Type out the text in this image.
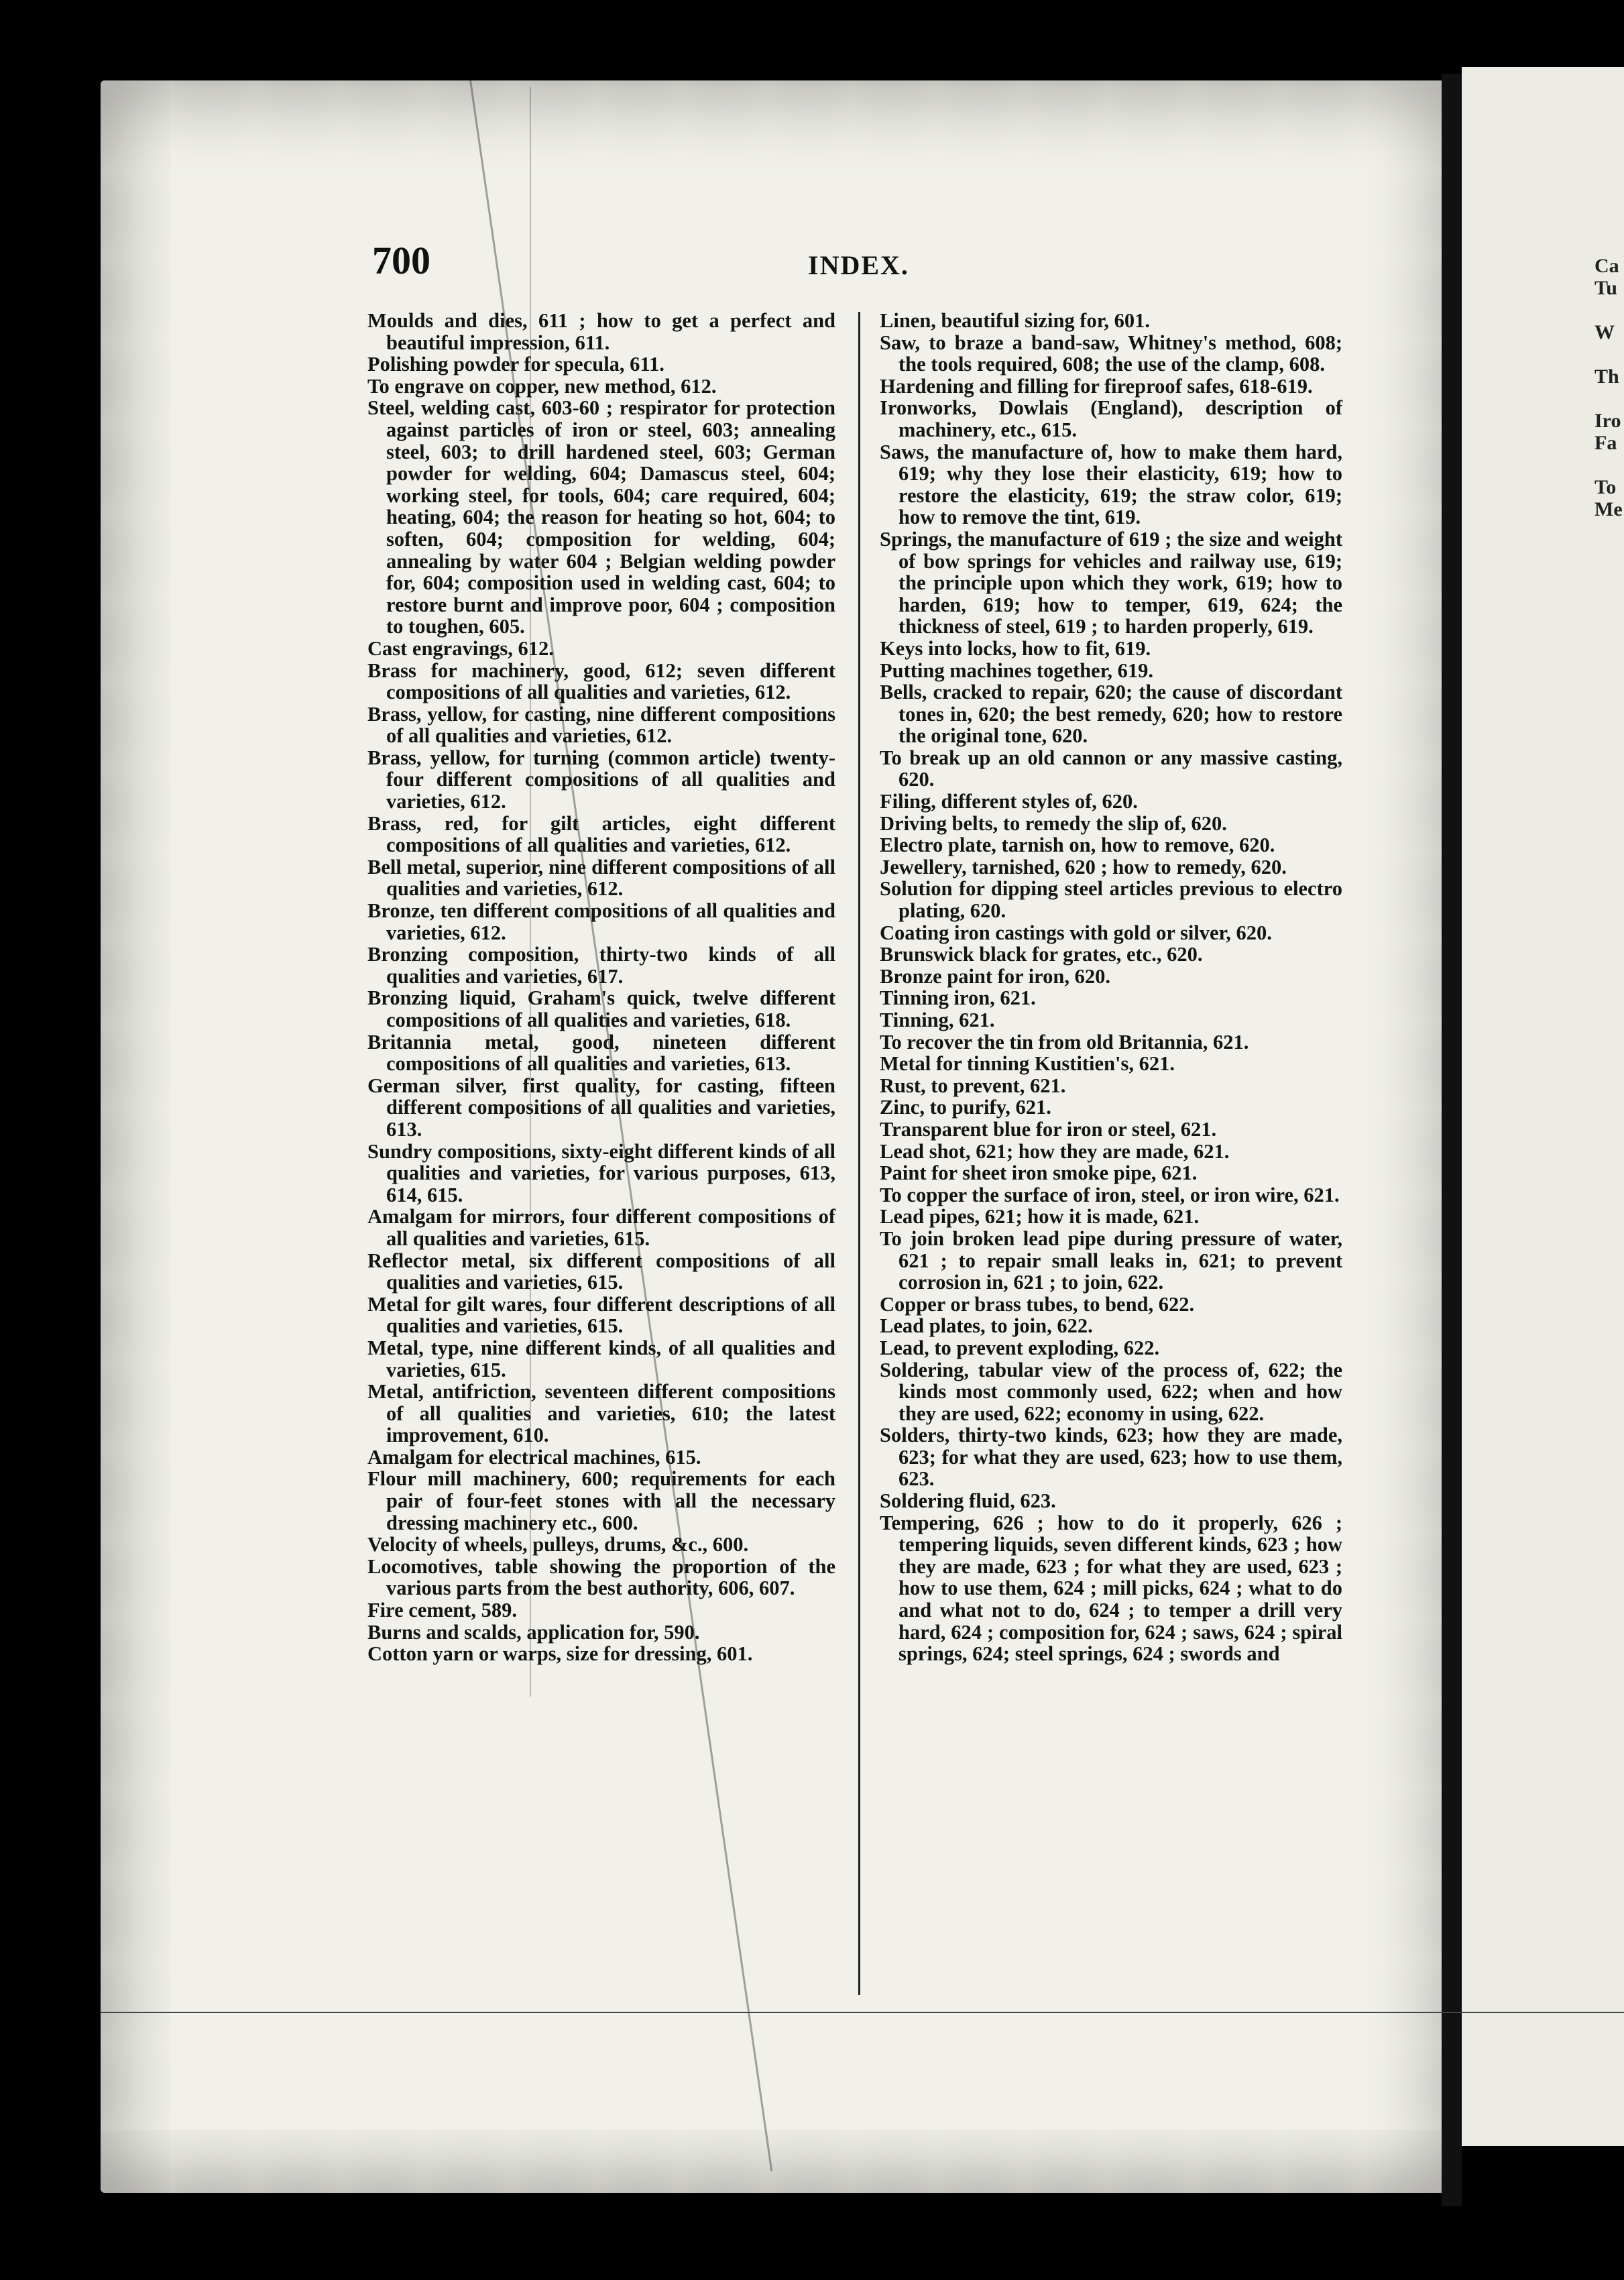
700	INDEX.

Moulds and dies, 611 ; how to get a perfect and beautiful impression, 611.

Polishing powder for specula, 611.

To engrave on copper, new method, 612.

Steel, welding cast, 603-60 ; respirator for protection against particles of iron or steel, 603; annealing steel, 603; to drill hardened steel, 603; German powder for welding, 604; Damascus steel, 604; working steel, for tools, 604; care required, 604; heating, 604; the reason for heating so hot, 604; to soften, 604; composition for welding, 604; annealing by water 604 ; Belgian welding powder for, 604; composition used in welding cast, 604; to restore burnt and improve poor, 604 ; composition to toughen, 605.

Cast engravings, 612.

Brass for machinery, good, 612; seven different compositions of all qualities and varieties, 612.

Brass, yellow, for casting, nine different compositions of all qualities and varieties, 612.

Brass, yellow, for turning (common article) twenty-four different compositions of all qualities and varieties, 612.

Brass, red, for gilt articles, eight different compositions of all qualities and varieties, 612.

Bell metal, superior, nine different compositions of all qualities and varieties, 612.

Bronze, ten different compositions of all qualities and varieties, 612.

Bronzing composition, thirty-two kinds of all qualities and varieties, 617.

Bronzing liquid, Graham's quick, twelve different compositions of all qualities and varieties, 618.

Britannia metal, good, nineteen different compositions of all qualities and varieties, 613.

German silver, first quality, for casting, fifteen different compositions of all qualities and varieties, 613.

Sundry compositions, sixty-eight different kinds of all qualities and varieties, for various purposes, 613, 614, 615.

Amalgam for mirrors, four different compositions of all qualities and varieties, 615.

Reflector metal, six different compositions of all qualities and varieties, 615.

Metal for gilt wares, four different descriptions of all qualities and varieties, 615.

Metal, type, nine different kinds, of all qualities and varieties, 615.

Metal, antifriction, seventeen different compositions of all qualities and varieties, 610; the latest improvement, 610.

Amalgam for electrical machines, 615.

Flour mill machinery, 600; requirements for each pair of four-feet stones with all the necessary dressing machinery etc., 600.

Velocity of wheels, pulleys, drums, &c., 600.

Locomotives, table showing the proportion of the various parts from the best authority, 606, 607.

Fire cement, 589.

Burns and scalds, application for, 590.

Cotton yarn or warps, size for dressing, 601.

Linen, beautiful sizing for, 601.

Saw, to braze a band-saw, Whitney's method, 608; the tools required, 608; the use of the clamp, 608.

Hardening and filling for fireproof safes, 618-619.

Ironworks, Dowlais (England), description of machinery, etc., 615.

Saws, the manufacture of, how to make them hard, 619; why they lose their elasticity, 619; how to restore the elasticity, 619; the straw color, 619; how to remove the tint, 619.

Springs, the manufacture of 619 ; the size and weight of bow springs for vehicles and railway use, 619; the principle upon which they work, 619; how to harden, 619; how to temper, 619, 624; the thickness of steel, 619 ; to harden properly, 619.

Keys into locks, how to fit, 619.

Putting machines together, 619.

Bells, cracked to repair, 620; the cause of discordant tones in, 620; the best remedy, 620; how to restore the original tone, 620.

To break up an old cannon or any massive casting, 620.

Filing, different styles of, 620.

Driving belts, to remedy the slip of, 620.

Electro plate, tarnish on, how to remove, 620.

Jewellery, tarnished, 620 ; how to remedy, 620.

Solution for dipping steel articles previous to electro plating, 620.

Coating iron castings with gold or silver, 620.

Brunswick black for grates, etc., 620.

Bronze paint for iron, 620.

Tinning iron, 621.

Tinning, 621.

To recover the tin from old Britannia, 621.

Metal for tinning Kustitien's, 621.

Rust, to prevent, 621.

Zinc, to purify, 621.

Transparent blue for iron or steel, 621.

Lead shot, 621; how they are made, 621.

Paint for sheet iron smoke pipe, 621.

To copper the surface of iron, steel, or iron wire, 621.

Lead pipes, 621; how it is made, 621.

To join broken lead pipe during pressure of water, 621 ; to repair small leaks in, 621; to prevent corrosion in, 621 ; to join, 622.

Copper or brass tubes, to bend, 622.

Lead plates, to join, 622.

Lead, to prevent exploding, 622.

Soldering, tabular view of the process of, 622; the kinds most commonly used, 622; when and how they are used, 622; economy in using, 622.

Solders, thirty-two kinds, 623; how they are made, 623; for what they are used, 623; how to use them, 623.

Soldering fluid, 623.

Tempering, 626 ; how to do it properly, 626 ; tempering liquids, seven different kinds, 623 ; how they are made, 623 ; for what they are used, 623 ; how to use them, 624 ; mill picks, 624 ; what to do and what not to do, 624 ; to temper a drill very hard, 624 ; composition for, 624 ; saws, 624 ; spiral springs, 624; steel springs, 624 ; swords and

Ca
Tu

W

Th

Iro
Fa

To
Me
